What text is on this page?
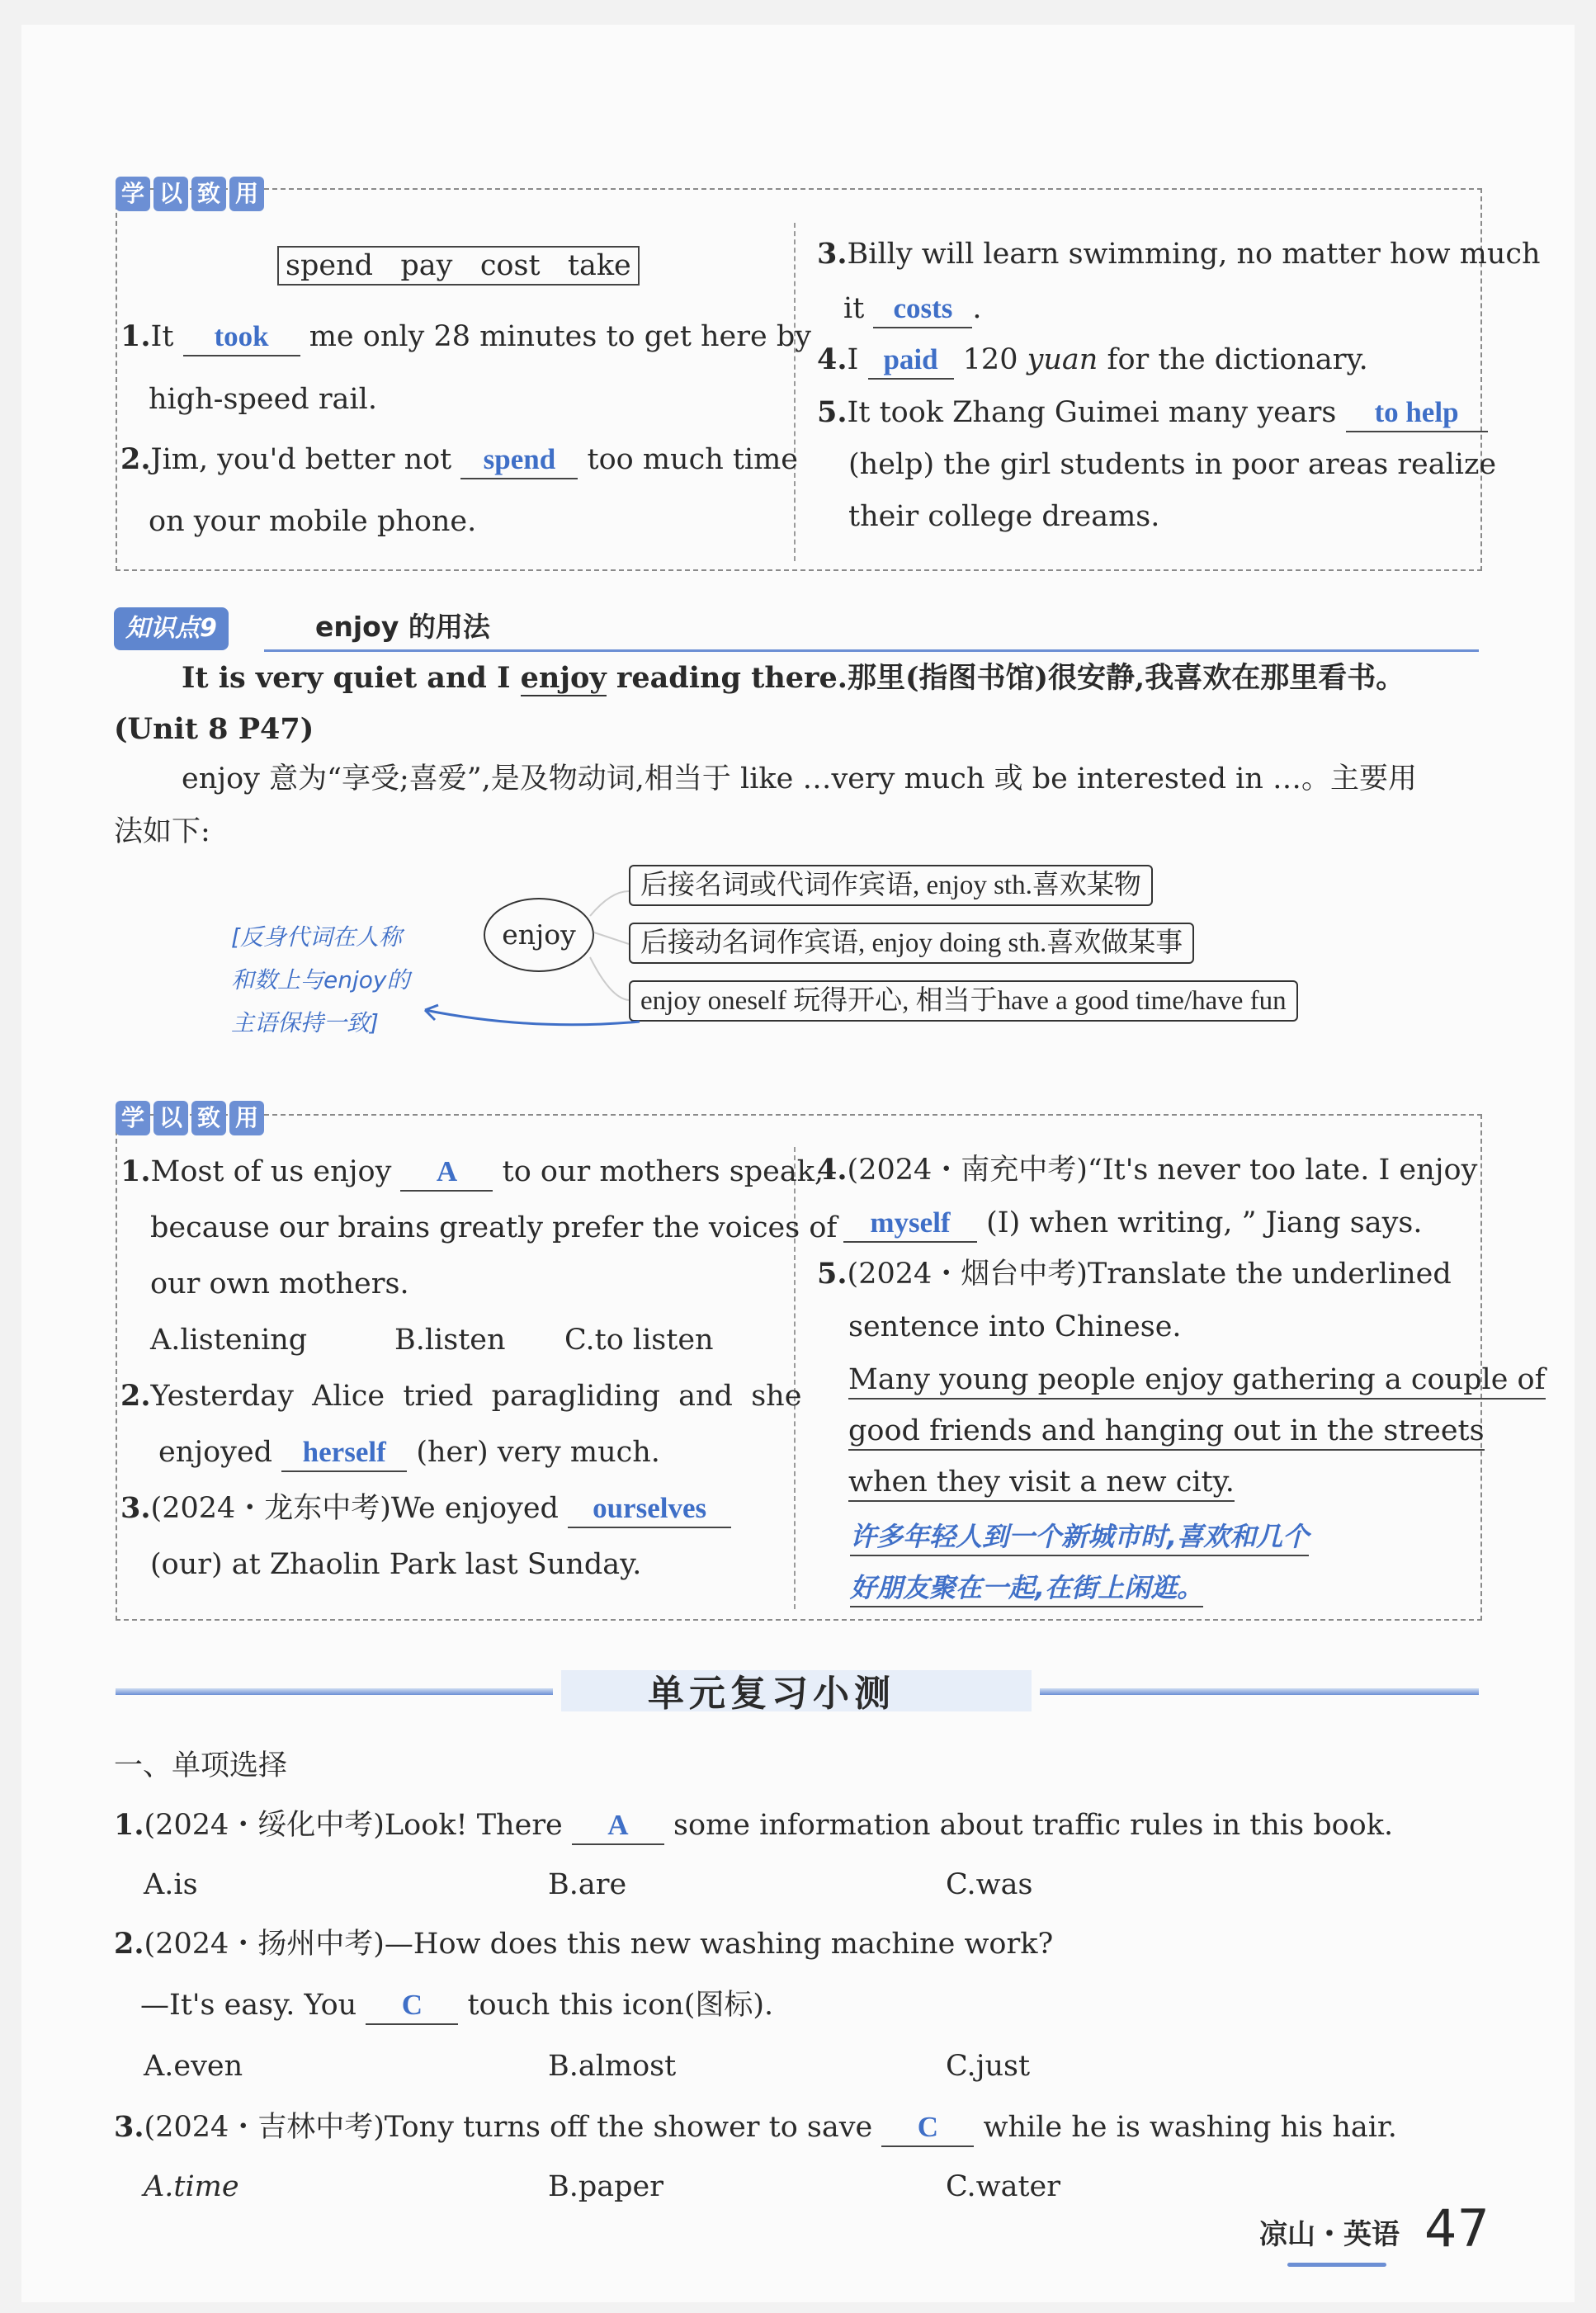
学 以 致 用
spend   pay   cost   take
1.It took me only 28 minutes to get here by
high-speed rail.
2.Jim, you'd better not spend too much time
on your mobile phone.
3.Billy will learn swimming, no matter how much
it costs .
4.I paid 120 yuan for the dictionary.
5.It took Zhang Guimei many years to help
(help) the girl students in poor areas realize
their college dreams.
知识点9	enjoy 的用法
It is very quiet and I enjoy reading there.那里(指图书馆)很安静,我喜欢在那里看书。
(Unit 8 P47)
enjoy 意为“享受;喜爱”,是及物动词,相当于 like …very much 或 be interested in …。主要用
法如下:
enjoy
后接名词或代词作宾语, enjoy sth.喜欢某物
后接动名词作宾语, enjoy doing sth.喜欢做某事
enjoy oneself 玩得开心, 相当于have a good time/have fun
[反身代词在人称
和数上与enjoy的
主语保持一致]
学 以 致 用
1.Most of us enjoy A to our mothers speak,
because our brains greatly prefer the voices of
our own mothers.
A.listening	B.listen C.to listen
2.Yesterday  Alice  tried  paragliding  and  she
enjoyed herself (her) very much.
3.(2024・龙东中考)We enjoyed ourselves
(our) at Zhaolin Park last Sunday.
4.(2024・南充中考)“It's never too late. I enjoy
myself (I) when writing, ” Jiang says.
5.(2024・烟台中考)Translate the underlined
sentence into Chinese.
Many young people enjoy gathering a couple of
good friends and hanging out in the streets
when they visit a new city.
许多年轻人到一个新城市时,喜欢和几个
好朋友聚在一起,在街上闲逛。
单元复习小测
一、单项选择
1.(2024・绥化中考)Look! There A some information about traffic rules in this book.
A.is	B.are	C.was
2.(2024・扬州中考)—How does this new washing machine work?
—It's easy. You C touch this icon(图标).
A.even	B.almost	C.just
3.(2024・吉林中考)Tony turns off the shower to save C while he is washing his hair.
A.time	B.paper	C.water
凉山・英语 47
